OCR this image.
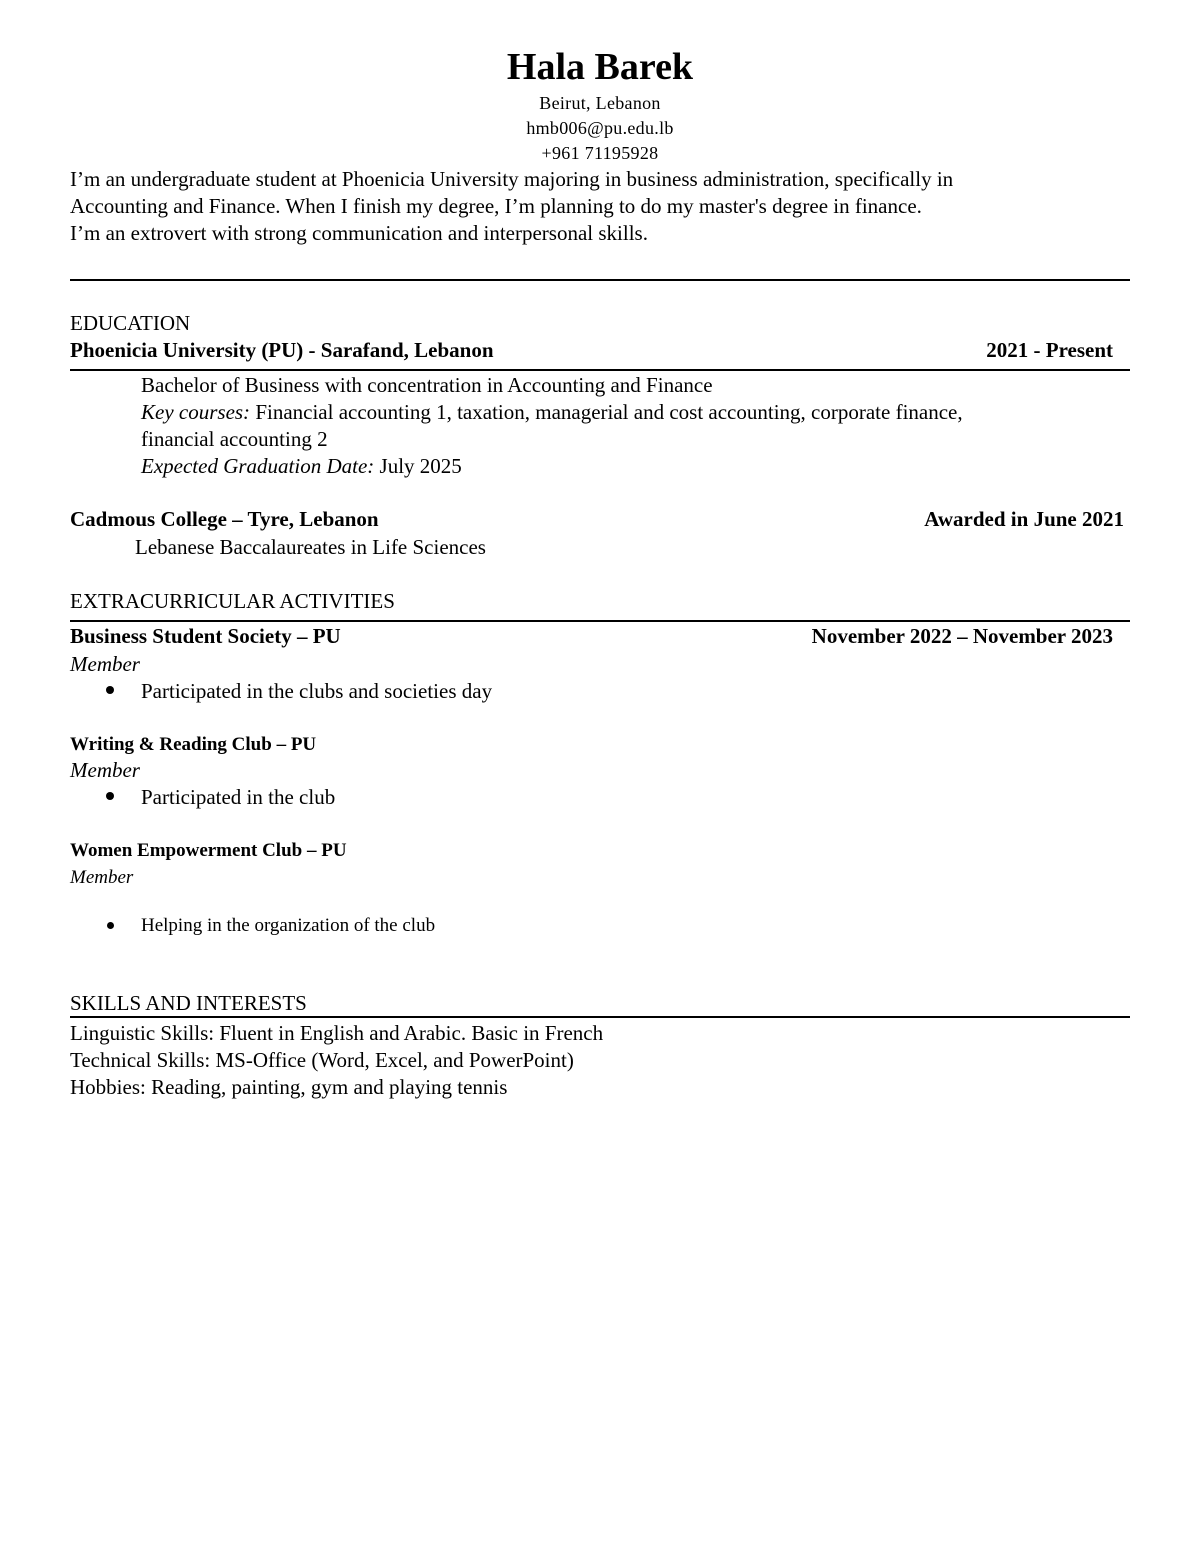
Hala Barek
Beirut, Lebanon
hmb006@pu.edu.lb
+961 71195928
I’m an undergraduate student at Phoenicia University majoring in business administration, specifically in
Accounting and Finance. When I finish my degree, I’m planning to do my master's degree in finance.
I’m an extrovert with strong communication and interpersonal skills.
EDUCATION
Phoenicia University (PU) - Sarafand, Lebanon	2021 - Present
Bachelor of Business with concentration in Accounting and Finance
Key courses: Financial accounting 1, taxation, managerial and cost accounting, corporate finance,
financial accounting 2
Expected Graduation Date: July 2025
Cadmous College – Tyre, Lebanon	Awarded in June 2021
Lebanese Baccalaureates in Life Sciences
EXTRACURRICULAR ACTIVITIES
Business Student Society – PU	November 2022 – November 2023
Member
Participated in the clubs and societies day
Writing & Reading Club – PU
Member
Participated in the club
Women Empowerment Club – PU
Member
Helping in the organization of the club
SKILLS AND INTERESTS
Linguistic Skills: Fluent in English and Arabic. Basic in French
Technical Skills: MS-Office (Word, Excel, and PowerPoint)
Hobbies: Reading, painting, gym and playing tennis
